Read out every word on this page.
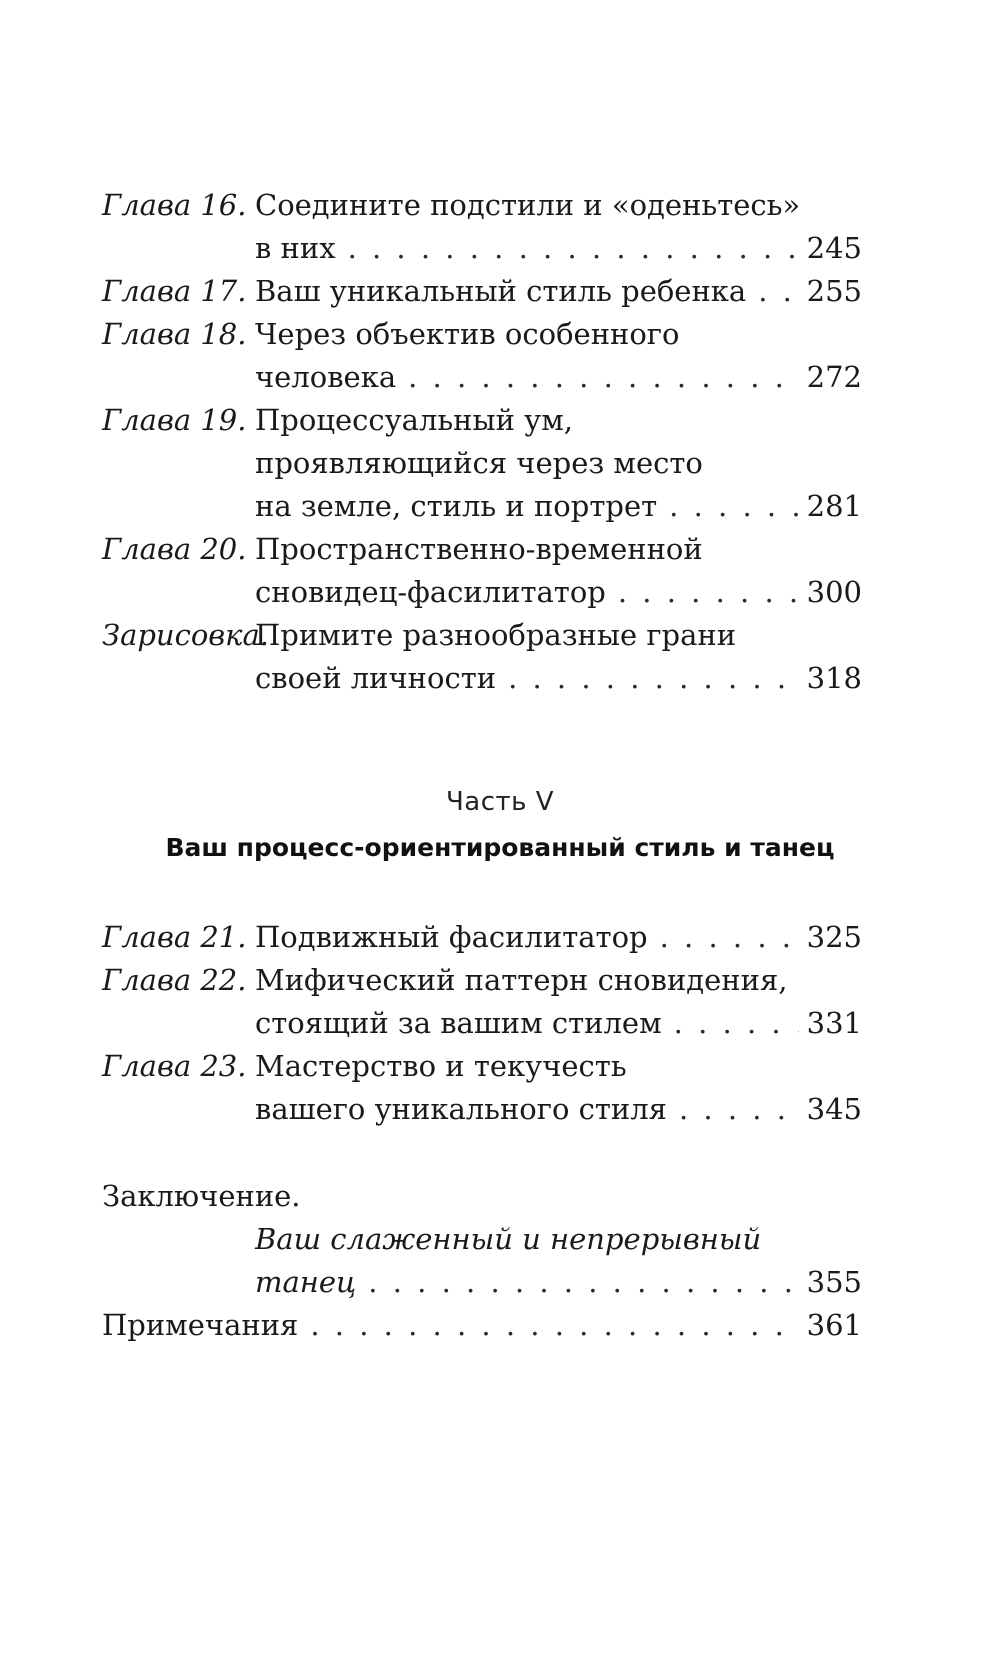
Глава 16. Соедините подстили и «оденьтесь»
в них . . .	245
Глава 17. Ваш уникальный стиль ребенка . . . 255
Глава 18. Через объектив особенного
человека . . .	272
Глава 19. Процессуальный ум,
проявляющийся через место
на земле, стиль и портрет . . .	281
Глава 20. Пространственно-временной
сновидец-фасилитатор . . .	300
Зарисовка.
Примите разнообразные грани
своей личности . . .	318
Часть V
Ваш процесс-ориентированный стиль и танец
Глава 21. Подвижный фасилитатор . . .	325
Глава 22. Мифический паттерн сновидения,
стоящий за вашим стилем . . .	331
Глава 23. Мастерство и текучесть
вашего уникального стиля . . .	345
Заключение.
Ваш слаженный и непрерывный
танец . . .	355
Примечания . . .	361
